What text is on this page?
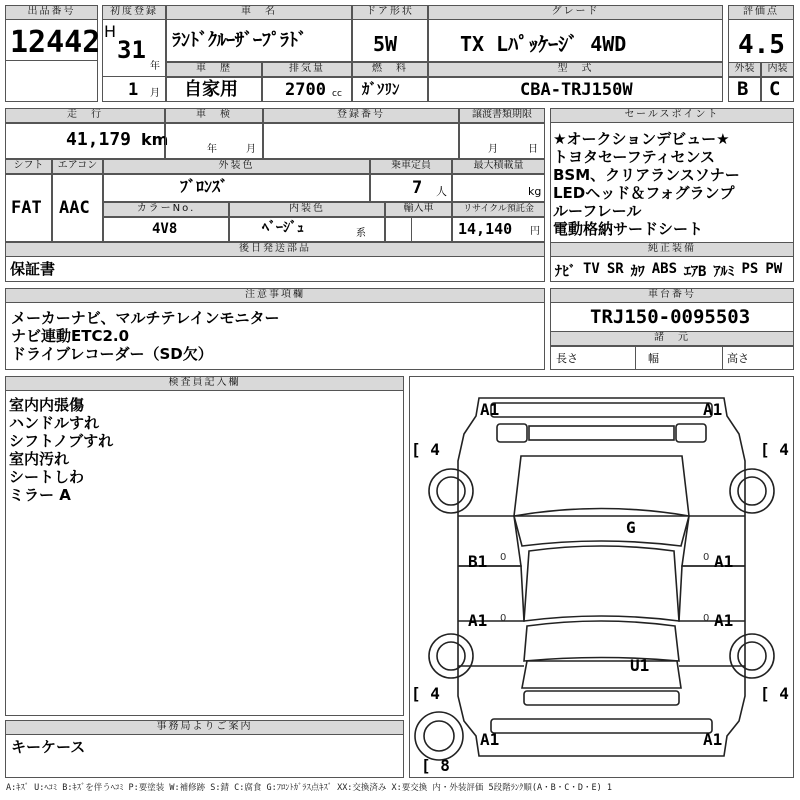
出品番号
12442
初度登録
H
31
年
1 月
車　名
ﾗﾝﾄﾞｸﾙｰｻﾞｰﾌﾟﾗﾄﾞ
ドア形状
5W
グレード
TX Lﾊﾟｯｹｰｼﾞ 4WD
評価点
4.5
車　歴
自家用
排気量
2700 cc
燃　料
ｶﾞｿﾘﾝ
型　式
CBA-TRJ150W
外装	内装
B C
走　行
41,179 km
車　検
年	月
登録番号	譲渡書類期限
月	日
シフト	エアコン
FAT AAC
外装色
ﾌﾞﾛﾝｽﾞ
乗車定員
7 人
最大積載量
kg
カラーNo.
4V8
内装色
ﾍﾞｰｼﾞｭ	系
輸入車	リサイクル預託金
14,140 円
後日発送部品
保証書
セールスポイント
★オークションデビュー★
トヨタセーフティセンス
BSM、クリアランスソナー
LEDヘッド＆フォグランプ
ルーフレール
電動格納サードシート
純正装備
ﾅﾋﾞ TV SR ｶﾜ ABS ｴｱB ｱﾙﾐ PS PW
注意事項欄
メーカーナビ、マルチテレインモニター
ナビ連動ETC2.0
ドライブレコーダー（SD欠）
車台番号
TRJ150-0095503
諸　元
長さ	幅	高さ
検査員記入欄
室内内張傷
ハンドルすれ
シフトノブすれ
室内汚れ
シートしわ
ミラー A
事務局よりご案内
キーケース
A1	A1
[ 4	[ 4
G
B1 0	A1
0
A1 0	A1
0
U1
[ 4	[ 4
A1	A1
[ 8
A:ｷｽﾞ U:ﾍｺﾐ B:ｷｽﾞを伴うﾍｺﾐ P:要塗装 W:補修跡 S:錆 C:腐食 G:ﾌﾛﾝﾄｶﾞﾗｽ点ｷｽﾞ XX:交換済み X:要交換 内・外装評価 5段階ﾗﾝｸ順(A・B・C・D・E) 1
